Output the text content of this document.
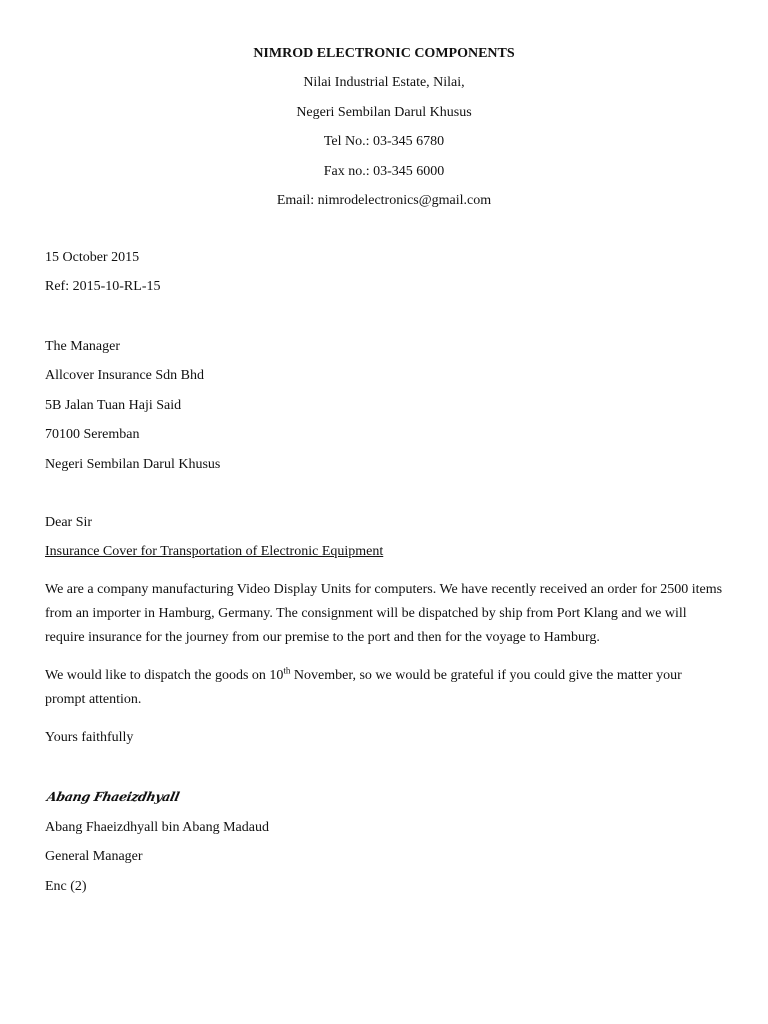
NIMROD ELECTRONIC COMPONENTS
Nilai Industrial Estate, Nilai,
Negeri Sembilan Darul Khusus
Tel No.: 03-345 6780
Fax no.: 03-345 6000
Email: nimrodelectronics@gmail.com
15 October 2015
Ref: 2015-10-RL-15
The Manager
Allcover Insurance Sdn Bhd
5B Jalan Tuan Haji Said
70100 Seremban
Negeri Sembilan Darul Khusus
Dear Sir
Insurance Cover for Transportation of Electronic Equipment

We are a company manufacturing Video Display Units for computers. We have recently received an order for 2500 items from an importer in Hamburg, Germany. The consignment will be dispatched by ship from Port Klang and we will require insurance for the journey from our premise to the port and then for the voyage to Hamburg.

We would like to dispatch the goods on 10th November, so we would be grateful if you could give the matter your prompt attention.

Yours faithfully
Abang Fhaeizdhyall
Abang Fhaeizdhyall bin Abang Madaud
General Manager
Enc (2)
